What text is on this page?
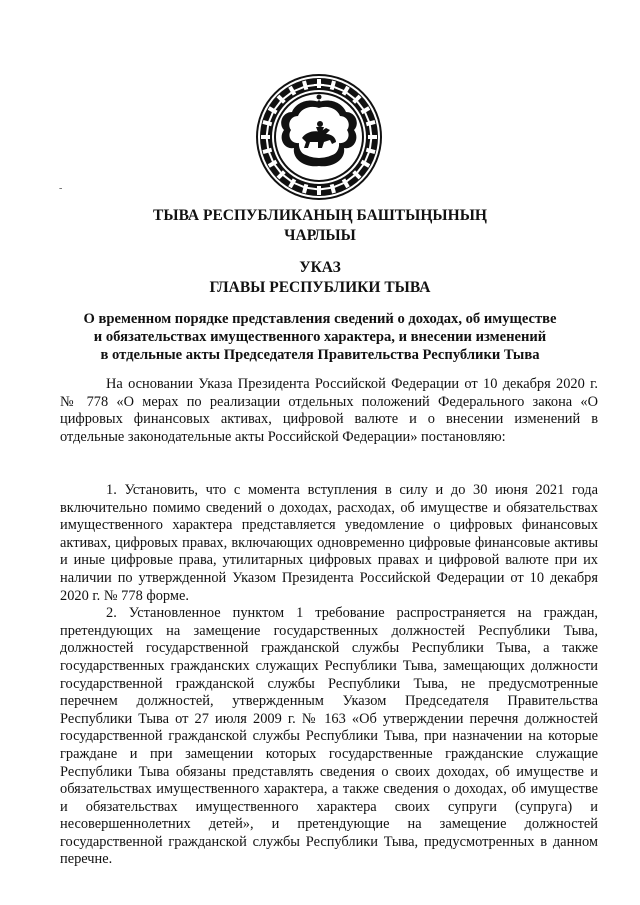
-
ТЫВА РЕСПУБЛИКАНЫҢ БАШТЫҢЫНЫҢ
ЧАРЛЫЫ
УКАЗ
ГЛАВЫ РЕСПУБЛИКИ ТЫВА
О временном порядке представления сведений о доходах, об имуществе
и обязательствах имущественного характера, и внесении изменений
в отдельные акты Председателя Правительства Республики Тыва

На основании Указа Президента Российской Федерации от 10 декабря 2020 г. № 778 «О мерах по реализации отдельных положений Федерального закона «О цифровых финансовых активах, цифровой валюте и о внесении изменений в отдельные законодательные акты Российской Федерации» постановляю:

1. Установить, что с момента вступления в силу и до 30 июня 2021 года включительно помимо сведений о доходах, расходах, об имуществе и обязательствах имущественного характера представляется уведомление о цифровых финансовых активах, цифровых правах, включающих одновременно цифровые финансовые активы и иные цифровые права, утилитарных цифровых правах и цифровой валюте при их наличии по утвержденной Указом Президента Российской Федерации от 10 декабря 2020 г. № 778 форме.

2. Установленное пунктом 1 требование распространяется на граждан, претендующих на замещение государственных должностей Республики Тыва, должностей государственной гражданской службы Республики Тыва, а также государственных гражданских служащих Республики Тыва, замещающих должности государственной гражданской службы Республики Тыва, не предусмотренные перечнем должностей, утвержденным Указом Председателя Правительства Республики Тыва от 27 июля 2009 г. № 163 «Об утверждении перечня должностей государственной гражданской службы Республики Тыва, при назначении на которые граждане и при замещении которых государственные гражданские служащие Республики Тыва обязаны представлять сведения о своих доходах, об имуществе и обязательствах имущественного характера, а также сведения о доходах, об имуществе и обязательствах имущественного характера своих супруги (супруга) и несовершеннолетних детей», и претендующие на замещение должностей государственной гражданской службы Республики Тыва, предусмотренных в данном перечне.
